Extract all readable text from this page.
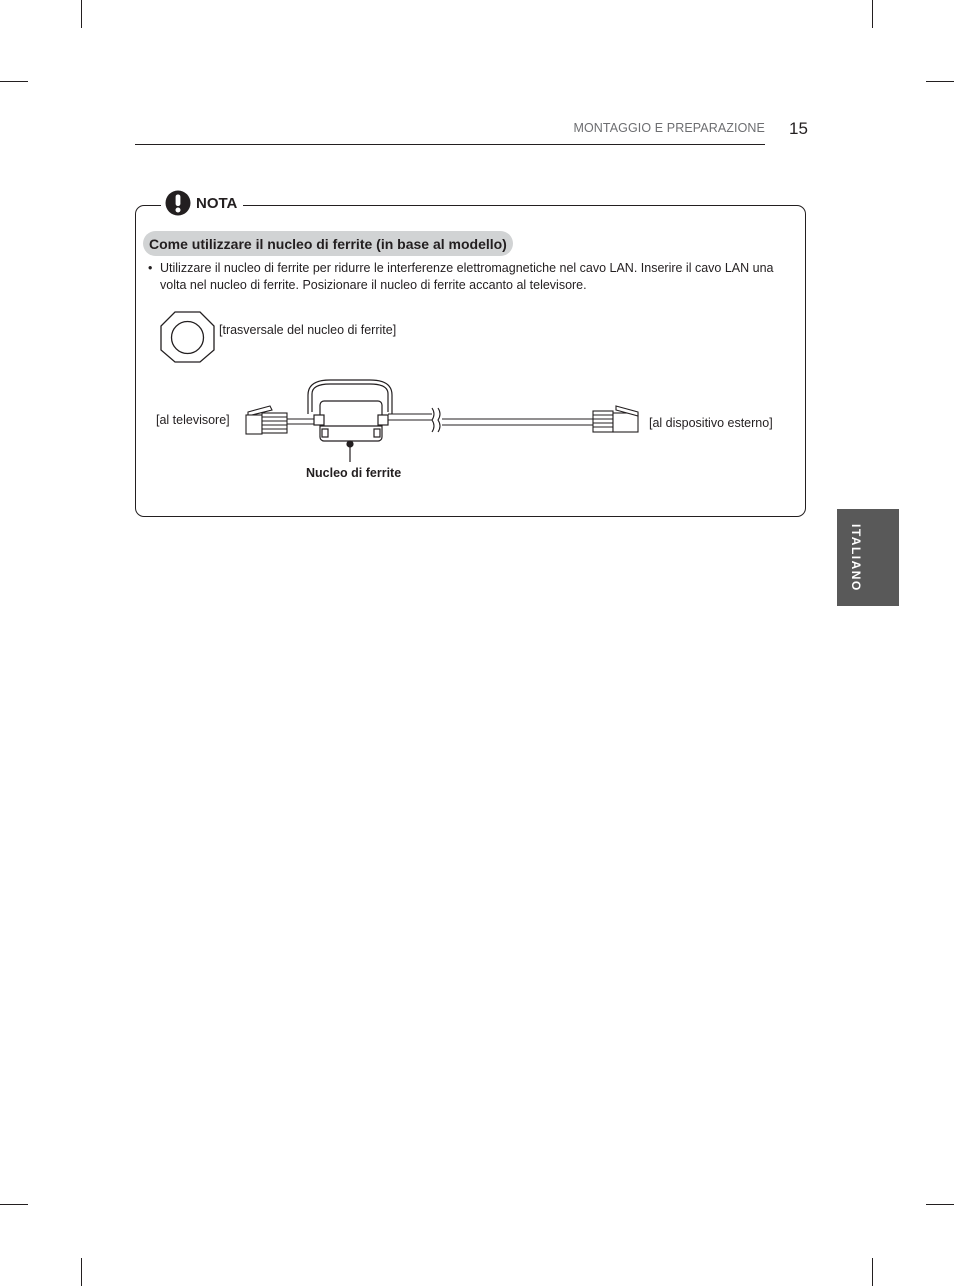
MONTAGGIO E PREPARAZIONE 15
NOTA
Come utilizzare il nucleo di ferrite (in base al modello)
• Utilizzare il nucleo di ferrite per ridurre le interferenze elettromagnetiche nel cavo LAN. Inserire il cavo LAN una volta nel nucleo di ferrite. Posizionare il nucleo di ferrite accanto al televisore.
[trasversale del nucleo di ferrite]
[al televisore]	[al dispositivo esterno]
Nucleo di ferrite
ITALIANO
